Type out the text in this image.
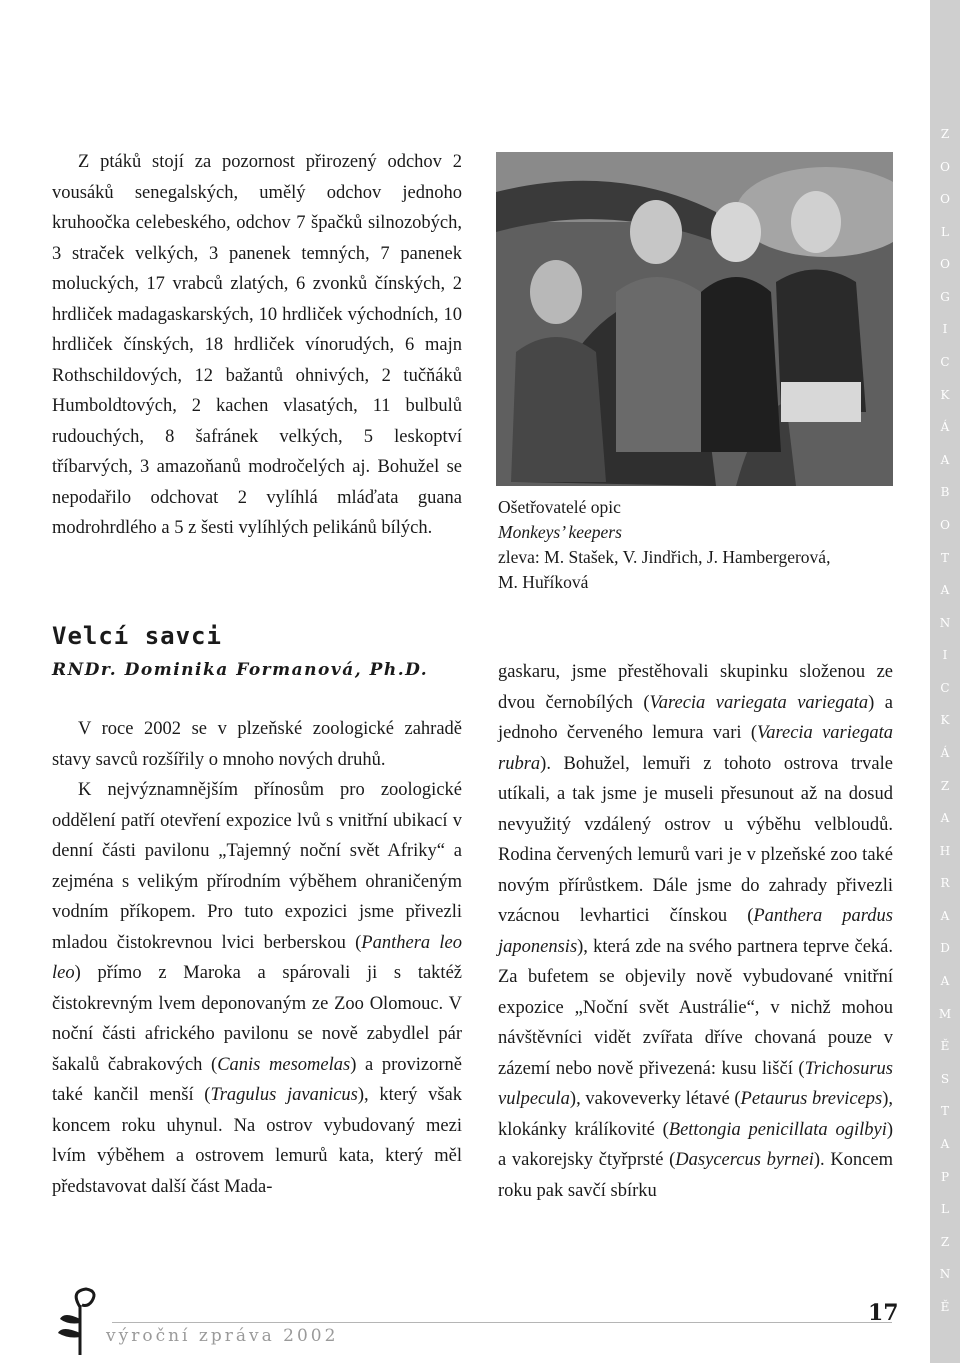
Z
O
O
L
O
G
I
C
K
Á
A
B
O
T
A
N
I
C
K
Á
Z
A
H
R
A
D
A
M
Ě
S
T
A
P
L
Z
N
Ě

Z ptáků stojí za pozornost přirozený odchov 2 vousáků senegalských, umělý odchov jednoho kruhoočka celebeského, odchov 7 špačků silnozobých, 3 straček velkých, 3 panenek temných, 7 panenek moluckých, 17 vrabců zlatých, 6 zvonků čínských, 2 hrdliček madagaskarských, 10 hrdliček východních, 10 hrdliček čínských, 18 hrdliček vínorudých, 6 majn Rothschildových, 12 bažantů ohnivých, 2 tučňáků Humboldtových, 2 kachen vlasatých, 11 bulbulů rudouchých, 8 šafránek velkých, 5 leskoptví tříbarvých, 3 amazoňanů modročelých aj. Bohužel se nepodařilo odchovat 2 vylíhlá mláďata guana modrohrdlého a 5 z šesti vylíhlých pelikánů bílých.

Velcí savci
RNDr. Dominika Formanová, Ph.D.

V roce 2002 se v plzeňské zoologické zahradě stavy savců rozšířily o mnoho nových druhů.

K nejvýznamnějším přínosům pro zoologické oddělení patří otevření expozice lvů s vnitřní ubikací v denní části pavilonu „Tajemný noční svět Afriky“ a zejména s velikým přírodním výběhem ohraničeným vodním příkopem. Pro tuto expozici jsme přivezli mladou čistokrevnou lvici berberskou (Panthera leo leo) přímo z Maroka a spárovali ji s taktéž čistokrevným lvem deponovaným ze Zoo Olomouc. V noční části afrického pavilonu se nově zabydlel pár šakalů čabrakových (Canis mesomelas) a provizorně také kančil menší (Tragulus javanicus), který však koncem roku uhynul. Na ostrov vybudovaný mezi lvím výběhem a ostrovem lemurů kata, který měl představovat další část Mada-

Ošetřovatelé opic
Monkeys’ keepers
zleva: M. Stašek, V. Jindřich, J. Hambergerová,
M. Huříková

gaskaru, jsme přestěhovali skupinku složenou ze dvou černobílých (Varecia variegata variegata) a jednoho červeného lemura vari (Varecia variegata rubra). Bohužel, lemuři z tohoto ostrova trvale utíkali, a tak jsme je museli přesunout až na dosud nevyužitý vzdálený ostrov u výběhu velbloudů. Rodina červených lemurů vari je v plzeňské zoo také novým přírůstkem. Dále jsme do zahrady přivezli vzácnou levhartici čínskou (Panthera pardus japonensis), která zde na svého partnera teprve čeká. Za bufetem se objevily nově vybudované vnitřní expozice „Noční svět Austrálie“, v nichž mohou návštěvníci vidět zvířata dříve chovaná pouze v zázemí nebo nově přivezená: kusu liščí (Trichosurus vulpecula), vakoveverky létavé (Petaurus breviceps), klokánky králíkovité (Bettongia penicillata ogilbyi) a vakorejsky čtyřprsté (Dasycercus byrnei). Koncem roku pak savčí sbírku

výroční zpráva 2002
17
